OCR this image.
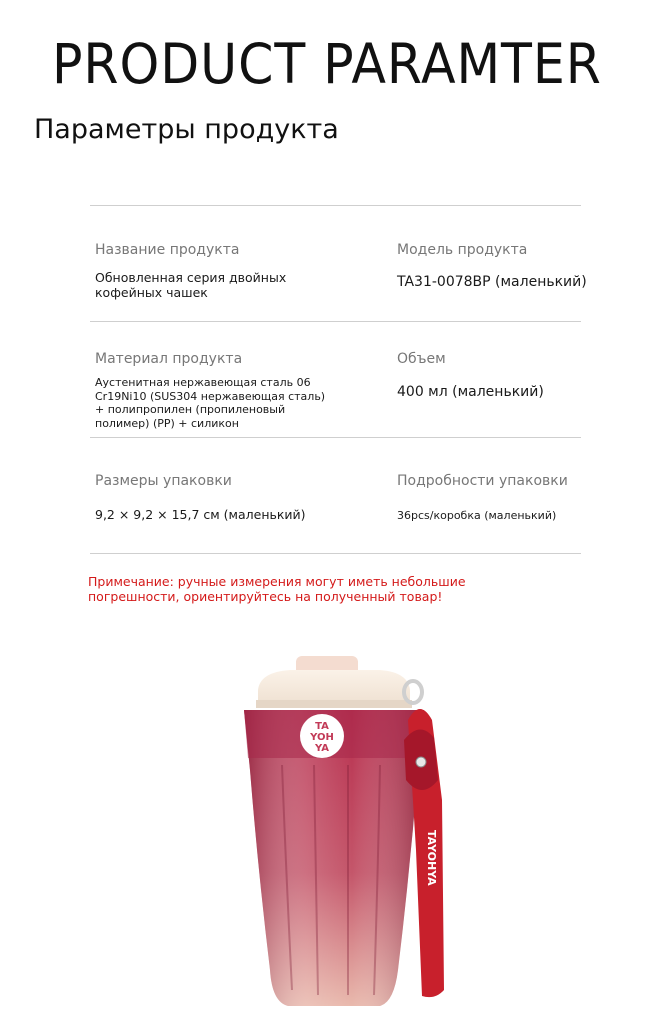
PRODUCT PARAMTER
Параметры продукта
Название продукта
Обновленная серия двойных кофейных чашек
Модель продукта
TA31-0078BP (маленький)
Материал продукта
Аустенитная нержавеющая сталь 06 Cr19Ni10 (SUS304 нержавеющая сталь) + полипропилен (пропиленовый полимер) (PP) + силикон
Объем
400 мл (маленький)
Размеры упаковки
9,2 × 9,2 × 15,7 см (маленький)
Подробности упаковки
36pcs/коробка (маленький)
Примечание: ручные измерения могут иметь небольшие погрешности, ориентируйтесь на полученный товар!
TA
YOH
YA
TAYOHYA
